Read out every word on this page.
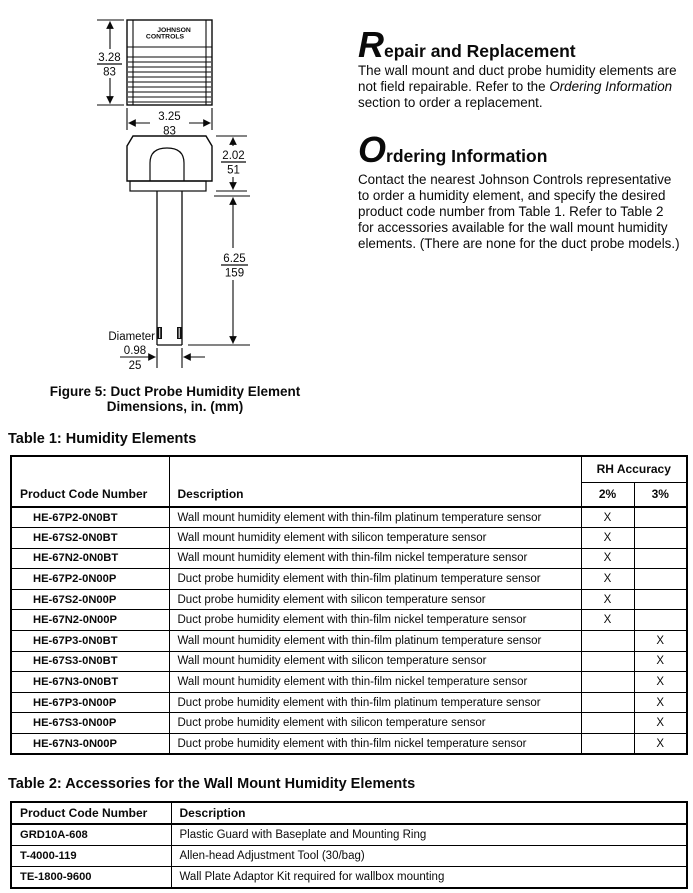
JOHNSON
CONTROLS
3.28
83
3.25
83
2.02
51
6.25
159
Diameter
0.98
25
Figure 5: Duct Probe Humidity Element
Dimensions, in. (mm)
Repair and Replacement
The wall mount and duct probe humidity elements are
not field repairable. Refer to the Ordering Information
section to order a replacement.
Ordering Information
Contact the nearest Johnson Controls representative
to order a humidity element, and specify the desired
product code number from Table 1. Refer to Table 2
for accessories available for the wall mount humidity
elements. (There are none for the duct probe models.)
Table 1: Humidity Elements
Product Code Number	Description	RH Accuracy	
		2%	3%
HE-67P2-0N0BT	Wall mount humidity element with thin-film platinum temperature sensor	X	
HE-67S2-0N0BT	Wall mount humidity element with silicon temperature sensor	X	
HE-67N2-0N0BT	Wall mount humidity element with thin-film nickel temperature sensor	X	
HE-67P2-0N00P	Duct probe humidity element with thin-film platinum temperature sensor	X	
HE-67S2-0N00P	Duct probe humidity element with silicon temperature sensor	X	
HE-67N2-0N00P	Duct probe humidity element with thin-film nickel temperature sensor	X	
HE-67P3-0N0BT	Wall mount humidity element with thin-film platinum temperature sensor		X
HE-67S3-0N0BT	Wall mount humidity element with silicon temperature sensor		X
HE-67N3-0N0BT	Wall mount humidity element with thin-film nickel temperature sensor		X
HE-67P3-0N00P	Duct probe humidity element with thin-film platinum temperature sensor		X
HE-67S3-0N00P	Duct probe humidity element with silicon temperature sensor		X
HE-67N3-0N00P	Duct probe humidity element with thin-film nickel temperature sensor		X
Table 2: Accessories for the Wall Mount Humidity Elements
Product Code Number	Description
GRD10A-608	Plastic Guard with Baseplate and Mounting Ring
T-4000-119	Allen-head Adjustment Tool (30/bag)
TE-1800-9600	Wall Plate Adaptor Kit required for wallbox mounting
